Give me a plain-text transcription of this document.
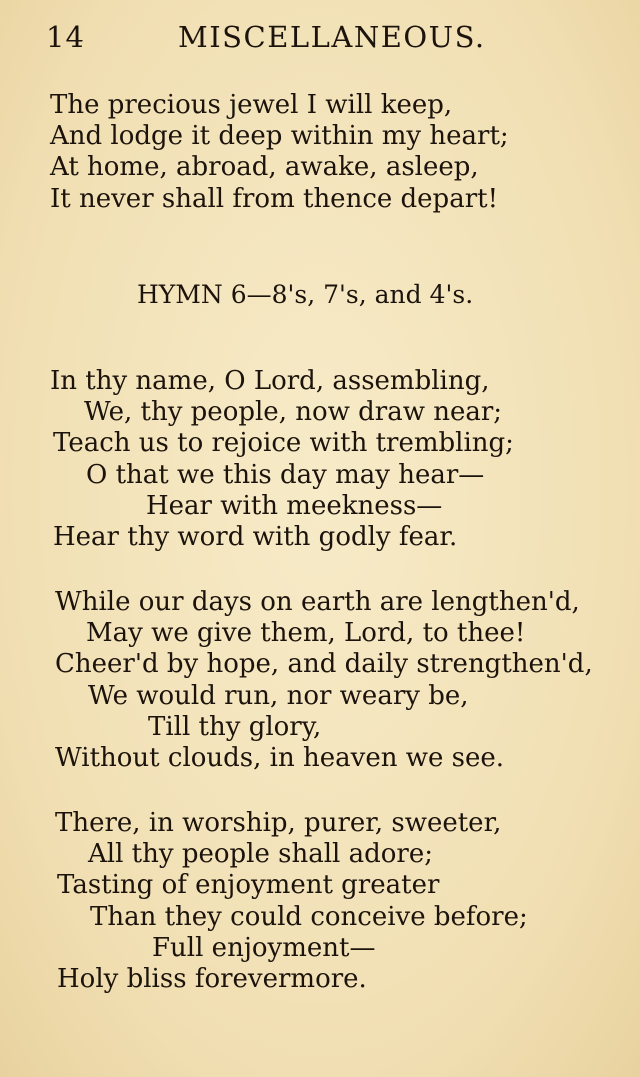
14	MISCELLANEOUS.
The precious jewel I will keep,
And lodge it deep within my heart;
At home, abroad, awake, asleep,
It never shall from thence depart!
HYMN 6—8's, 7's, and 4's.
In thy name, O Lord, assembling,
We, thy people, now draw near;
Teach us to rejoice with trembling;
O that we this day may hear—
Hear with meekness—
Hear thy word with godly fear.
While our days on earth are lengthen'd,
May we give them, Lord, to thee!
Cheer'd by hope, and daily strengthen'd,
We would run, nor weary be,
Till thy glory,
Without clouds, in heaven we see.
There, in worship, purer, sweeter,
All thy people shall adore;
Tasting of enjoyment greater
Than they could conceive before;
Full enjoyment—
Holy bliss forevermore.
